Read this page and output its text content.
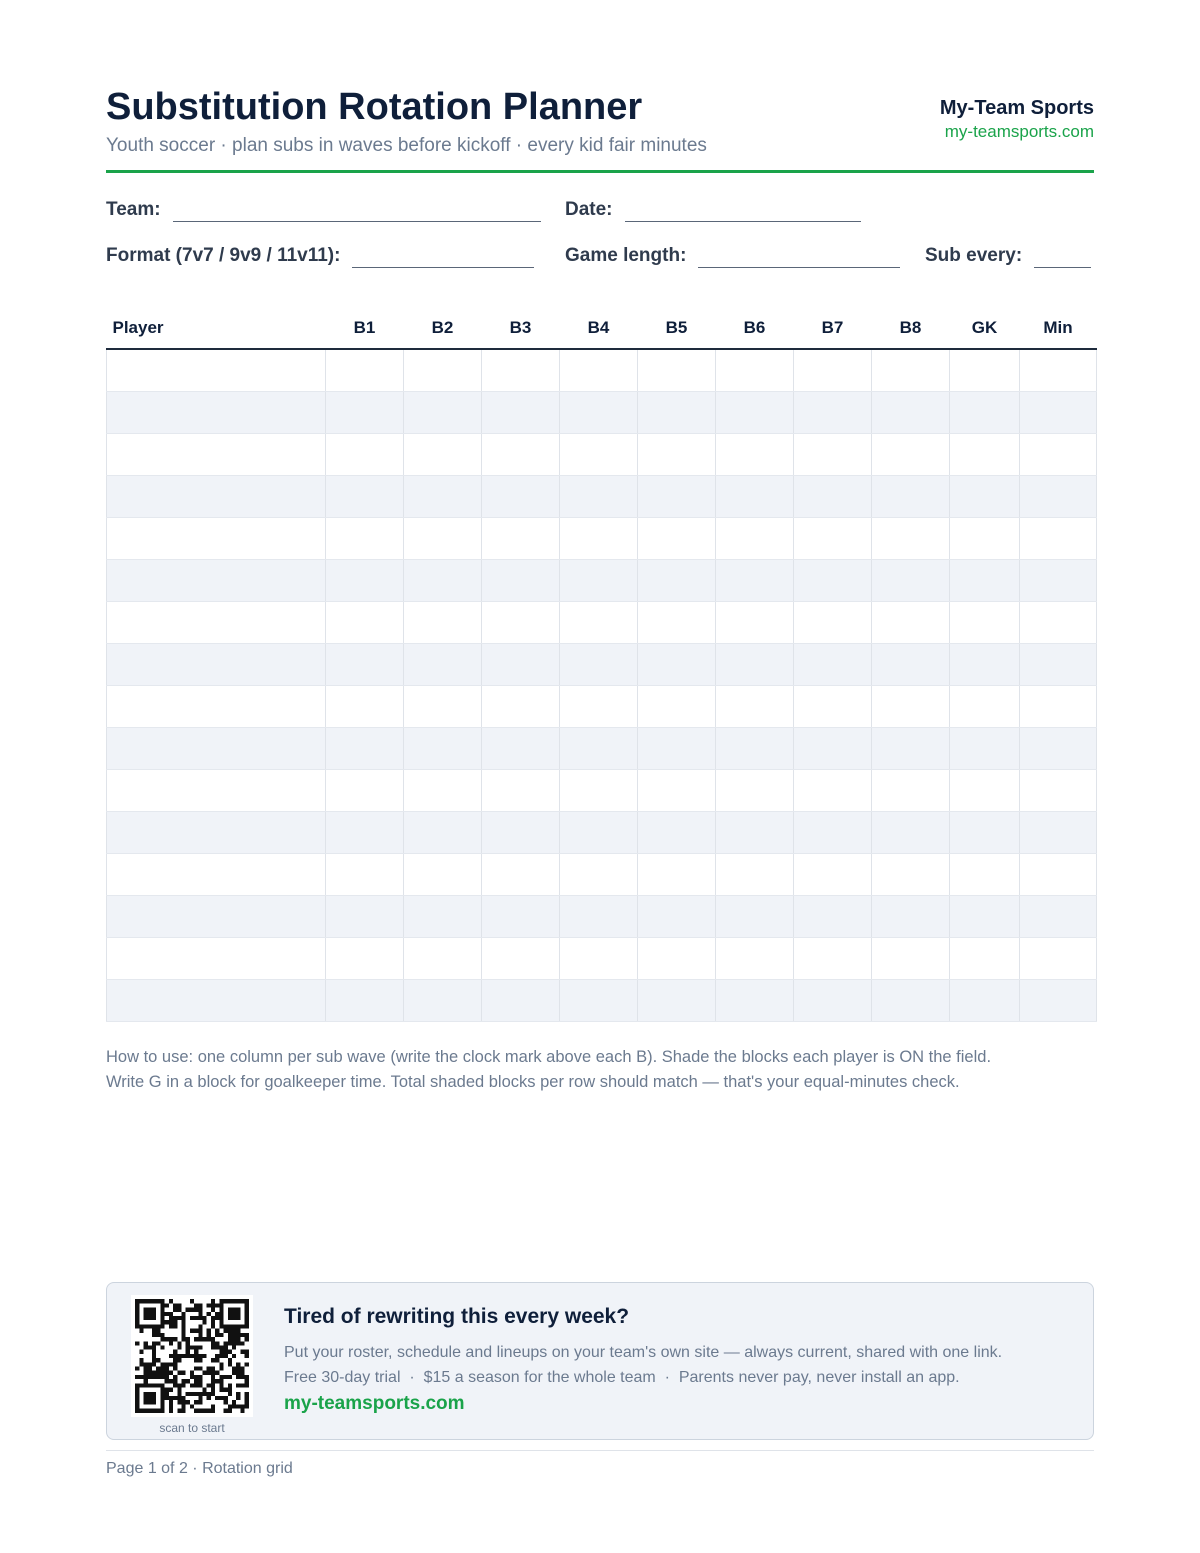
Substitution Rotation Planner
Youth soccer · plan subs in waves before kickoff · every kid fair minutes
My-Team Sports
my-teamsports.com
Team:	Date:
Format (7v7 / 9v9 / 11v11):	Game length:	Sub every:
Player	B1	B2	B3	B4	B5	B6	B7	B8	GK	Min

How to use: one column per sub wave (write the clock mark above each B). Shade the blocks each player is ON the field.

Write G in a block for goalkeeper time. Total shaded blocks per row should match — that's your equal-minutes check.

scan to start
Tired of rewriting this every week?

Put your roster, schedule and lineups on your team's own site — always current, shared with one link.

Free 30-day trial  ·  $15 a season for the whole team  ·  Parents never pay, never install an app.

my-teamsports.com
Page 1 of 2 · Rotation grid
